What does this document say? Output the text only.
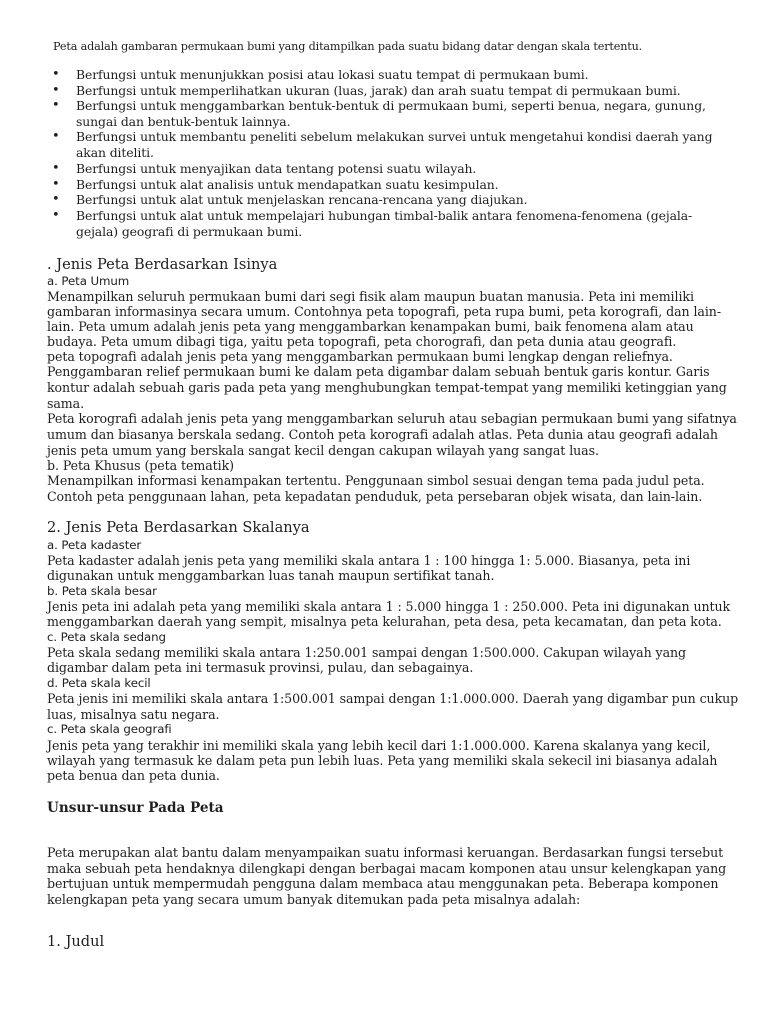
Peta adalah gambaran permukaan bumi yang ditampilkan pada suatu bidang datar dengan skala tertentu.
• Berfungsi untuk menunjukkan posisi atau lokasi suatu tempat di permukaan bumi.
• Berfungsi untuk memperlihatkan ukuran (luas, jarak) dan arah suatu tempat di permukaan bumi.
• Berfungsi untuk menggambarkan bentuk-bentuk di permukaan bumi, seperti benua, negara, gunung,
sungai dan bentuk-bentuk lainnya.
• Berfungsi untuk membantu peneliti sebelum melakukan survei untuk mengetahui kondisi daerah yang
akan diteliti.
• Berfungsi untuk menyajikan data tentang potensi suatu wilayah.
• Berfungsi untuk alat analisis untuk mendapatkan suatu kesimpulan.
• Berfungsi untuk alat untuk menjelaskan rencana-rencana yang diajukan.
• Berfungsi untuk alat untuk mempelajari hubungan timbal-balik antara fenomena-fenomena (gejala-
gejala) geografi di permukaan bumi.
. Jenis Peta Berdasarkan Isinya
a. Peta Umum
Menampilkan seluruh permukaan bumi dari segi fisik alam maupun buatan manusia. Peta ini memiliki
gambaran informasinya secara umum. Contohnya peta topografi, peta rupa bumi, peta korografi, dan lain-
lain. Peta umum adalah jenis peta yang menggambarkan kenampakan bumi, baik fenomena alam atau
budaya. Peta umum dibagi tiga, yaitu peta topografi, peta chorografi, dan peta dunia atau geografi.
peta topografi adalah jenis peta yang menggambarkan permukaan bumi lengkap dengan reliefnya.
Penggambaran relief permukaan bumi ke dalam peta digambar dalam sebuah bentuk garis kontur. Garis
kontur adalah sebuah garis pada peta yang menghubungkan tempat-tempat yang memiliki ketinggian yang
sama.
Peta korografi adalah jenis peta yang menggambarkan seluruh atau sebagian permukaan bumi yang sifatnya
umum dan biasanya berskala sedang. Contoh peta korografi adalah atlas. Peta dunia atau geografi adalah
jenis peta umum yang berskala sangat kecil dengan cakupan wilayah yang sangat luas.
b. Peta Khusus (peta tematik)
Menampilkan informasi kenampakan tertentu. Penggunaan simbol sesuai dengan tema pada judul peta.
Contoh peta penggunaan lahan, peta kepadatan penduduk, peta persebaran objek wisata, dan lain-lain.
2. Jenis Peta Berdasarkan Skalanya
a. Peta kadaster
Peta kadaster adalah jenis peta yang memiliki skala antara 1 : 100 hingga 1: 5.000. Biasanya, peta ini
digunakan untuk menggambarkan luas tanah maupun sertifikat tanah.
b. Peta skala besar
Jenis peta ini adalah peta yang memiliki skala antara 1 : 5.000 hingga 1 : 250.000. Peta ini digunakan untuk
menggambarkan daerah yang sempit, misalnya peta kelurahan, peta desa, peta kecamatan, dan peta kota.
c. Peta skala sedang
Peta skala sedang memiliki skala antara 1:250.001 sampai dengan 1:500.000. Cakupan wilayah yang
digambar dalam peta ini termasuk provinsi, pulau, dan sebagainya.
d. Peta skala kecil
Peta jenis ini memiliki skala antara 1:500.001 sampai dengan 1:1.000.000. Daerah yang digambar pun cukup
luas, misalnya satu negara.
c. Peta skala geografi
Jenis peta yang terakhir ini memiliki skala yang lebih kecil dari 1:1.000.000. Karena skalanya yang kecil,
wilayah yang termasuk ke dalam peta pun lebih luas. Peta yang memiliki skala sekecil ini biasanya adalah
peta benua dan peta dunia.
Unsur-unsur Pada Peta
Peta merupakan alat bantu dalam menyampaikan suatu informasi keruangan. Berdasarkan fungsi tersebut
maka sebuah peta hendaknya dilengkapi dengan berbagai macam komponen atau unsur kelengkapan yang
bertujuan untuk mempermudah pengguna dalam membaca atau menggunakan peta. Beberapa komponen
kelengkapan peta yang secara umum banyak ditemukan pada peta misalnya adalah:
1. Judul
